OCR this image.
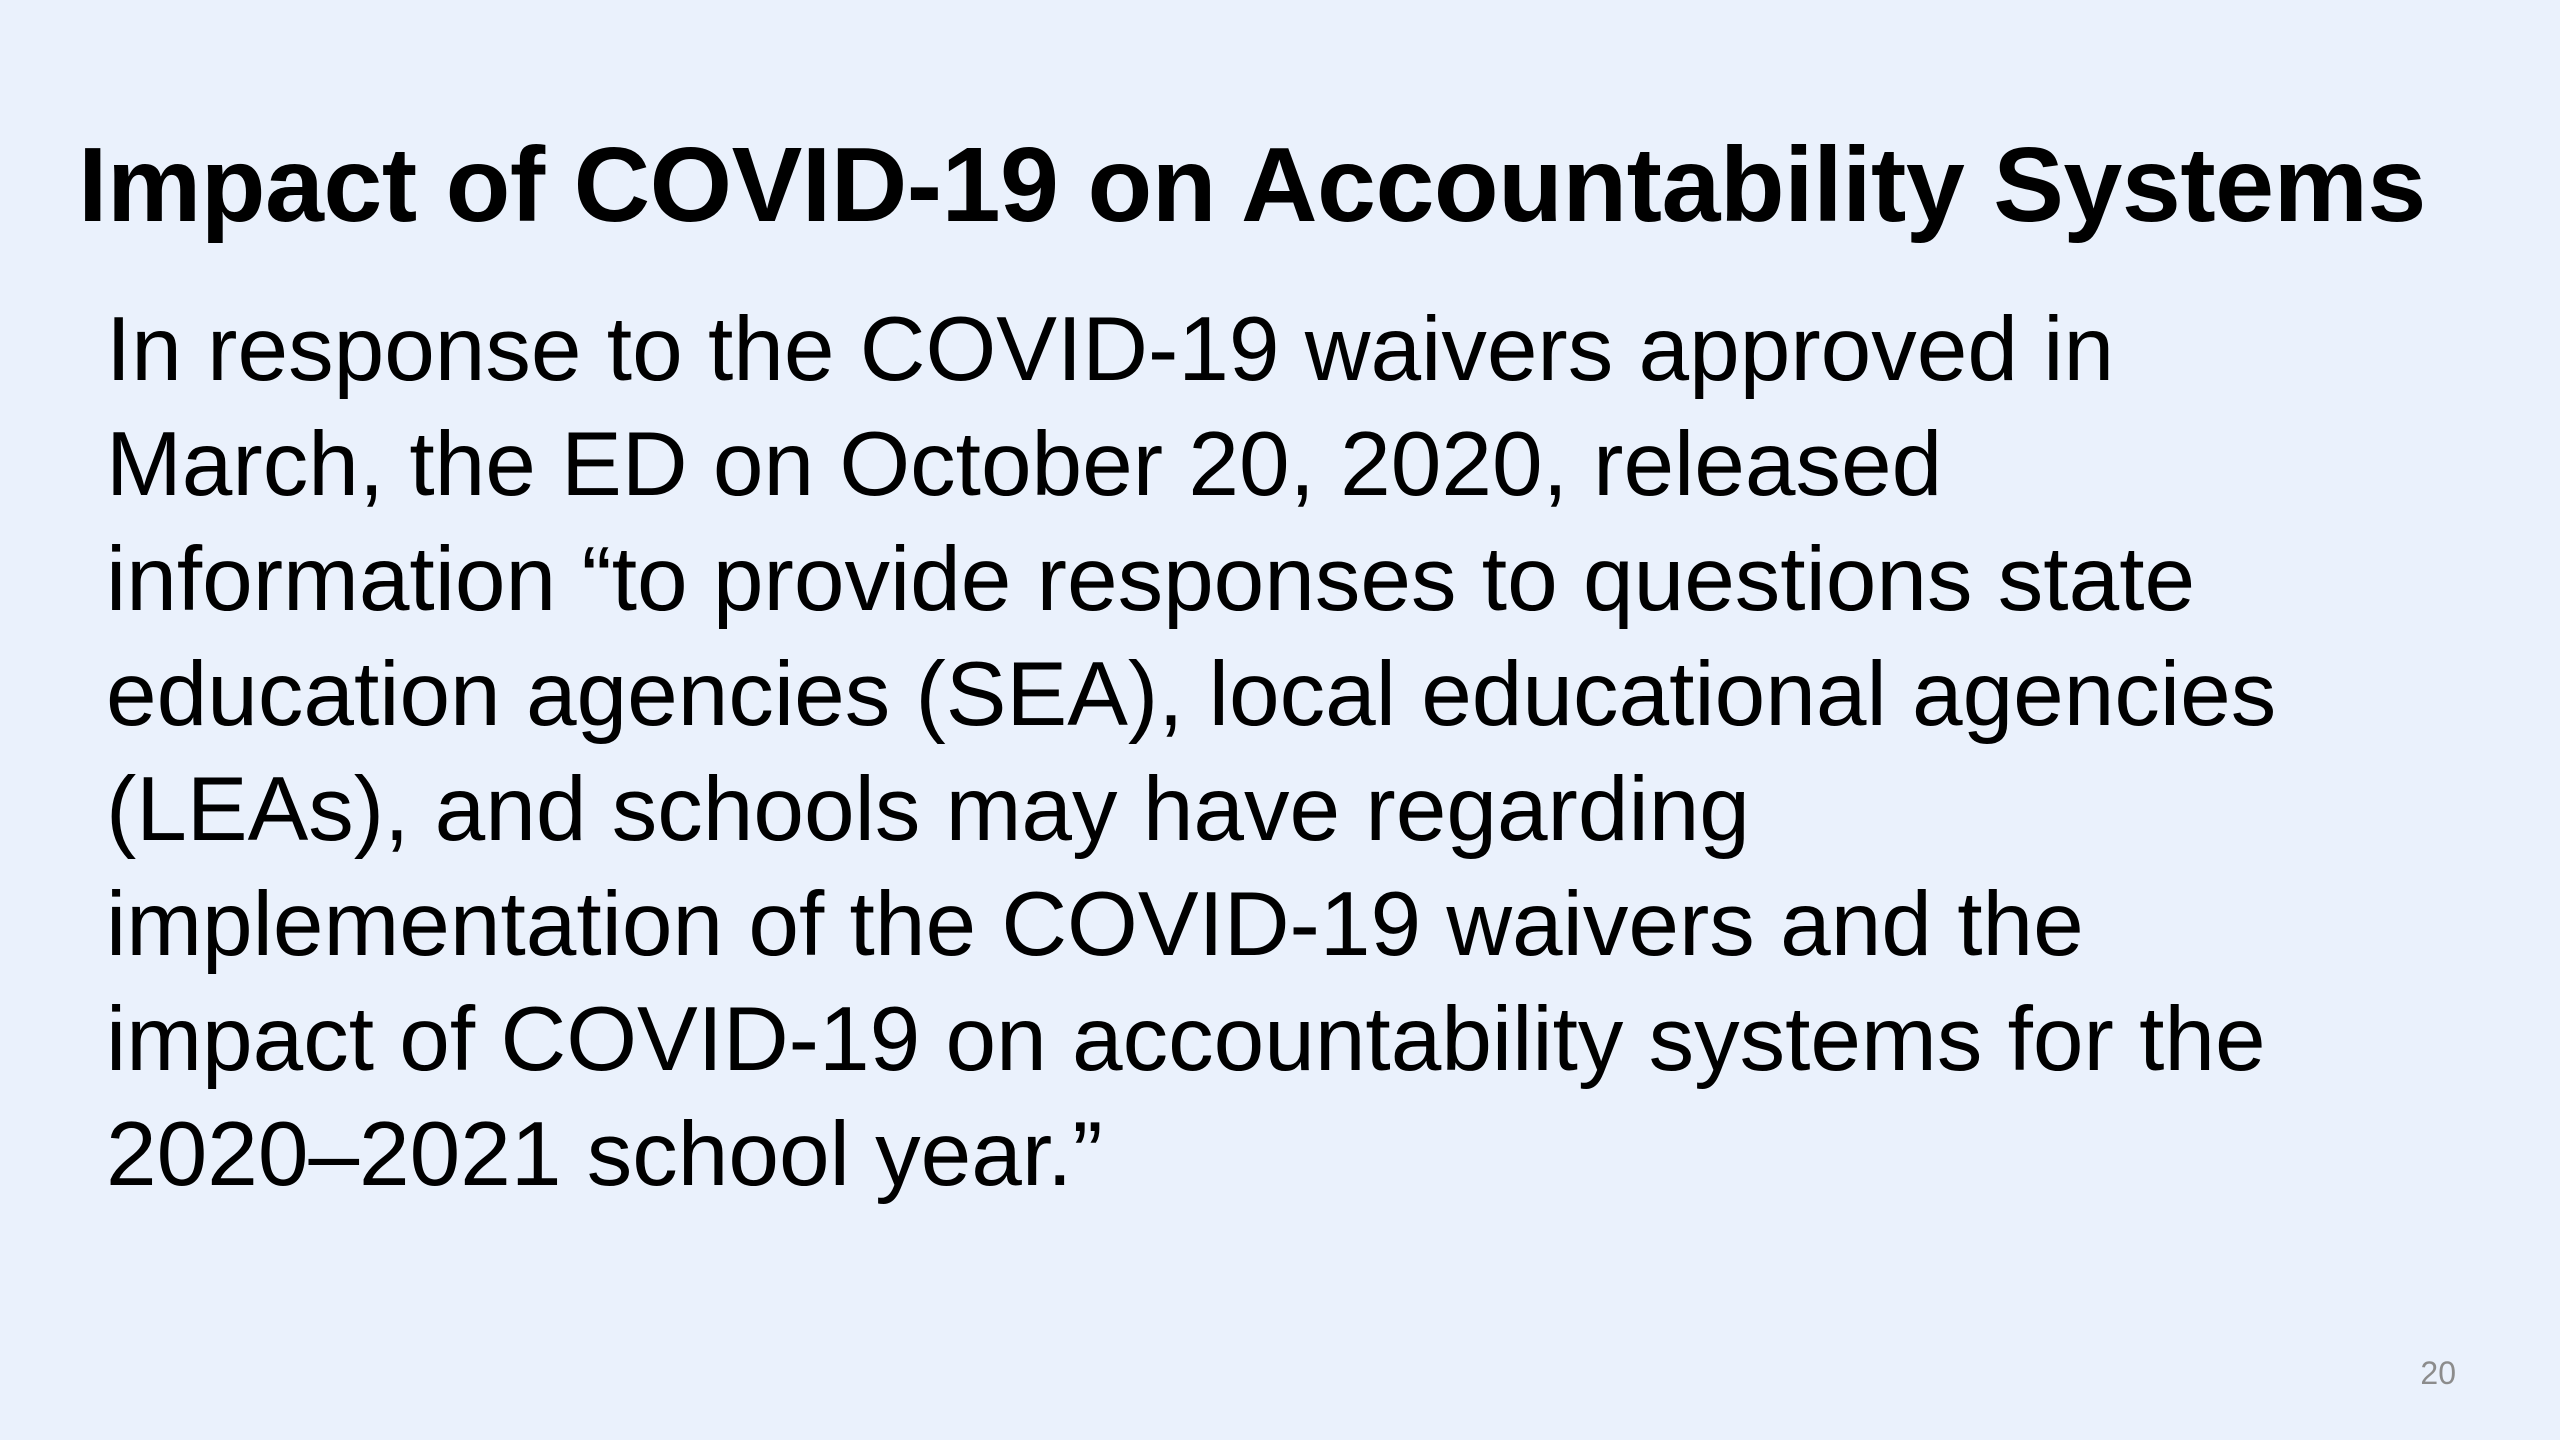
Impact of COVID-19 on Accountability Systems
In response to the COVID-19 waivers approved in
March, the ED on October 20, 2020, released
information “to provide responses to questions state
education agencies (SEA), local educational agencies
(LEAs), and schools may have regarding
implementation of the COVID-19 waivers and the
impact of COVID-19 on accountability systems for the
2020–2021 school year.”
20
